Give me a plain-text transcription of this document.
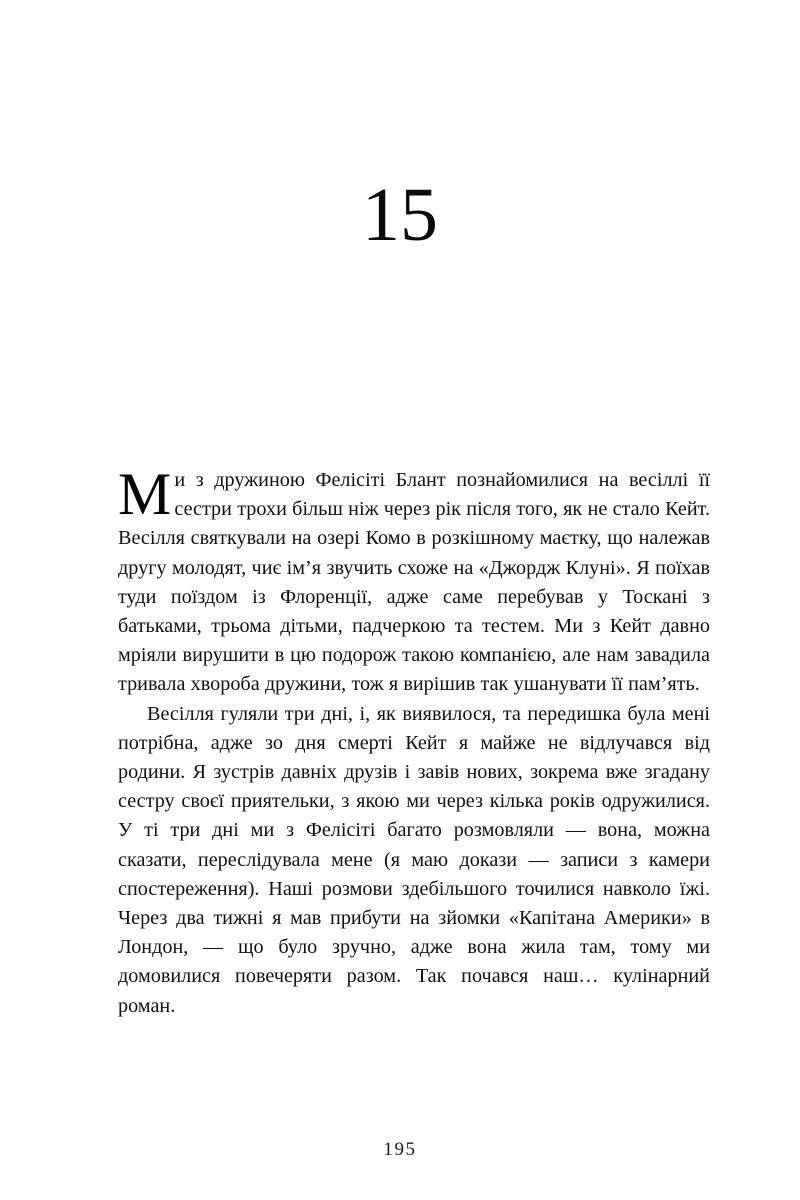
15

Ми з дружиною Фелісіті Блант познайомилися на весіллі її сестри трохи більш ніж через рік після того, як не стало Кейт. Весілля святкували на озері Комо в розкішному маєтку, що належав другу молодят, чиє ім’я звучить схоже на «Джордж Клуні». Я поїхав туди поїздом із Флоренції, адже саме перебував у Тоскані з батьками, трьома дітьми, падчеркою та тестем. Ми з Кейт давно мріяли вирушити в цю подорож такою компанією, але нам завадила тривала хвороба дружини, тож я вирішив так ушанувати її пам’ять.

Весілля гуляли три дні, і, як виявилося, та передишка була мені потрібна, адже зо дня смерті Кейт я майже не відлучався від родини. Я зустрів давніх друзів і завів нових, зокрема вже згадану сестру своєї приятельки, з якою ми через кілька років одружилися. У ті три дні ми з Фелісіті багато розмовляли — вона, можна сказати, переслідувала мене (я маю докази — записи з камери спостереження). Наші розмови здебільшого точилися навколо їжі. Через два тижні я мав прибути на зйомки «Капітана Америки» в Лондон, — що було зручно, адже вона жила там, тому ми домовилися повечеряти разом. Так почався наш… кулінарний роман.

195
